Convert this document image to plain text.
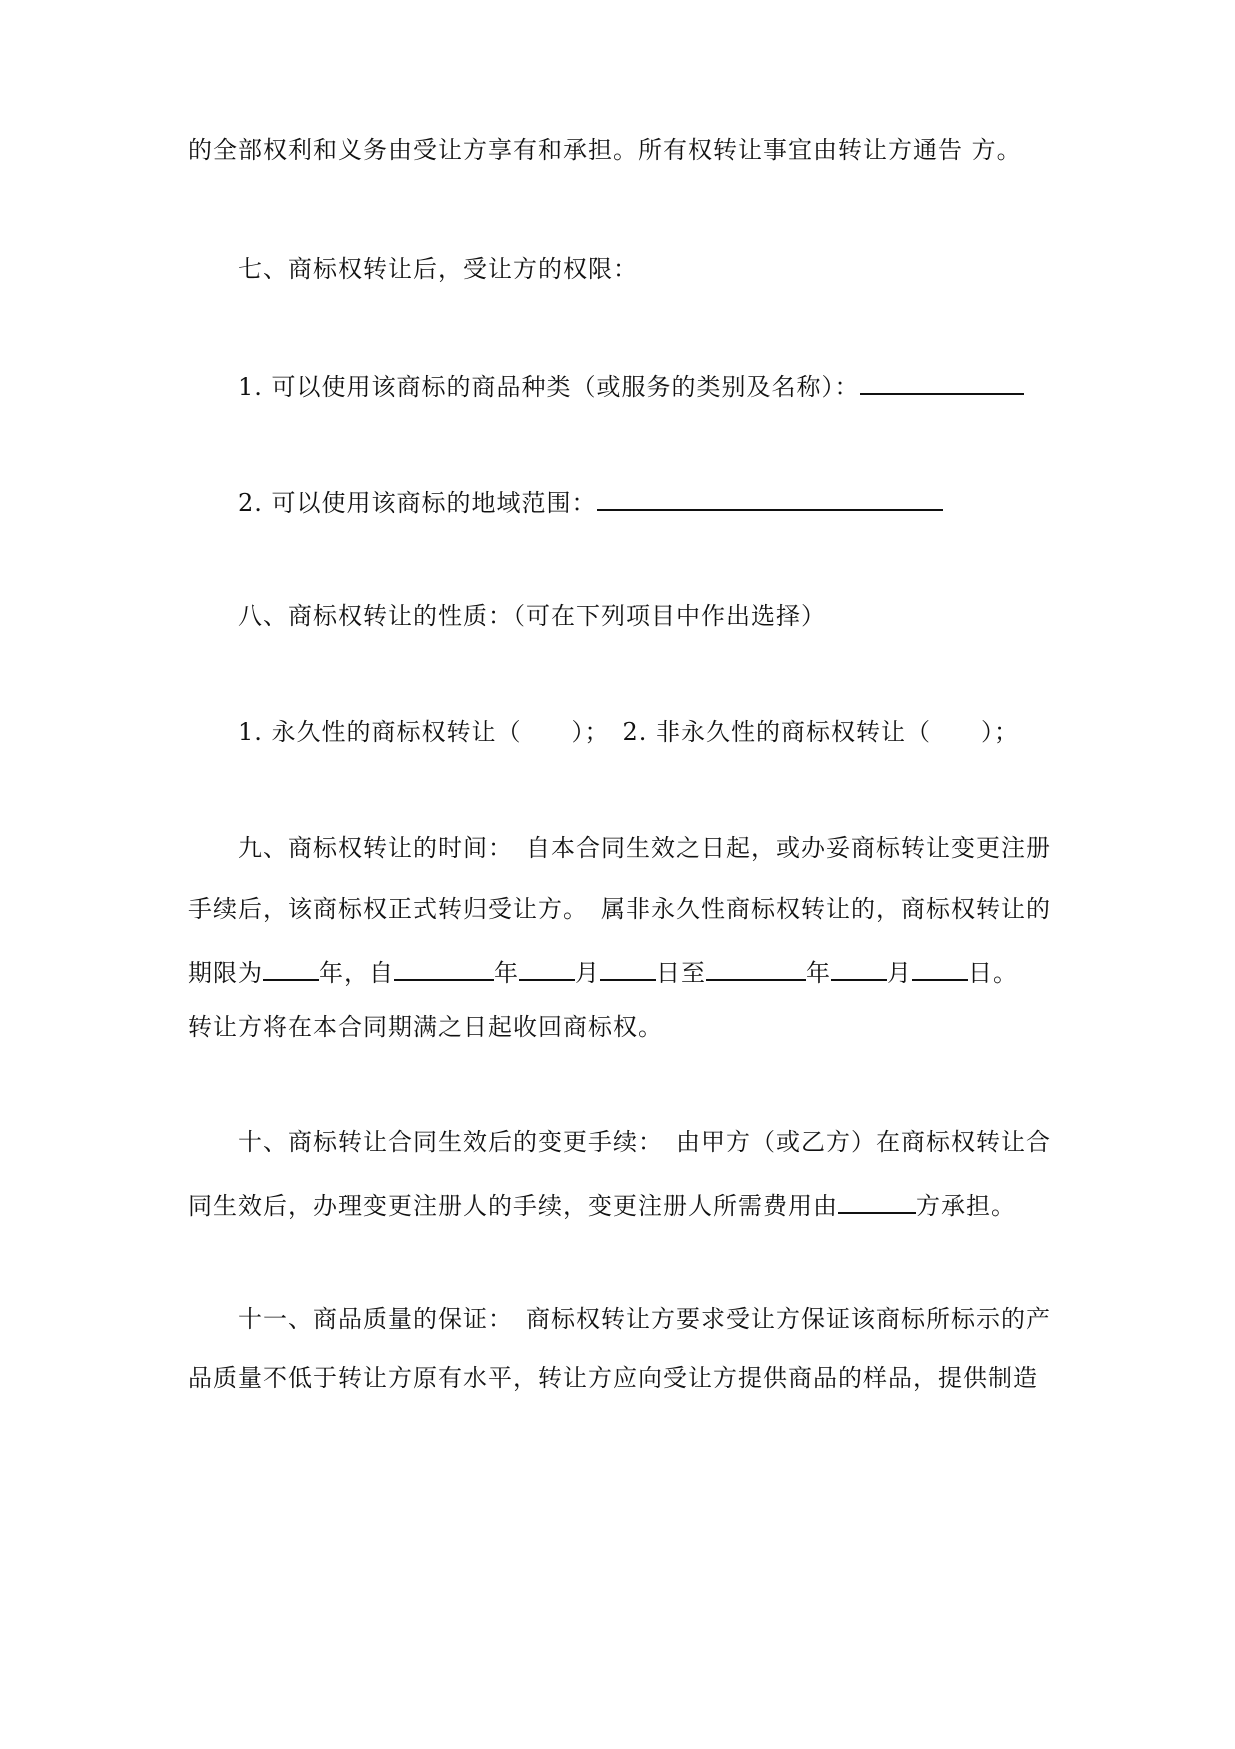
的全部权利和义务由受让方享有和承担。所有权转让事宜由转让方通告 方。
七、商标权转让后，受让方的权限：
1. 可以使用该商标的商品种类（或服务的类别及名称）：
2. 可以使用该商标的地域范围：
八、商标权转让的性质：（可在下列项目中作出选择）
1. 永久性的商标权转让（　　）；　2. 非永久性的商标权转让（　　）；
九、商标权转让的时间：　自本合同生效之日起，或办妥商标转让变更注册
手续后，该商标权正式转归受让方。　属非永久性商标权转让的，商标权转让的
期限为 年，自	年 月 日至	年 月 日。
转让方将在本合同期满之日起收回商标权。
十、商标转让合同生效后的变更手续：　由甲方（或乙方）在商标权转让合
同生效后，办理变更注册人的手续，变更注册人所需费用由	方承担。
十一、商品质量的保证：　商标权转让方要求受让方保证该商标所标示的产
品质量不低于转让方原有水平，转让方应向受让方提供商品的样品，提供制造
